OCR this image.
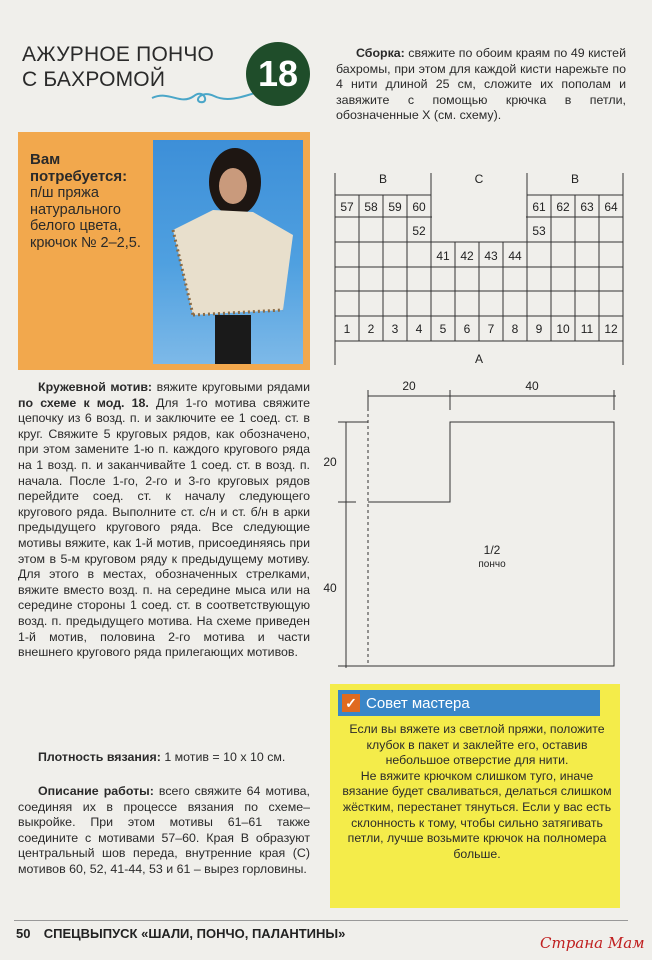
АЖУРНОЕ ПОНЧО
С БАХРОМОЙ	18
Вам потребуется:
п/ш пряжа натурального белого цвета, крючок № 2–2,5.
Кружевной мотив: вяжите круговыми рядами по схеме к мод. 18. Для 1-го мотива свяжите цепочку из 6 возд. п. и заключите ее 1 соед. ст. в круг. Свяжите 5 круговых рядов, как обозначено, при этом замените 1-ю п. каждого кругового ряда на 1 возд. п. и заканчивайте 1 соед. ст. в возд. п. начала. После 1-го, 2-го и 3-го круговых рядов перейдите соед. ст. к началу следующего кругового ряда. Выполните ст. с/н и ст. б/н в арки предыдущего кругового ряда. Все следующие мотивы вяжите, как 1-й мотив, присоединяясь при этом в 5-м круговом ряду к предыдущему мотиву. Для этого в местах, обозначенных стрелками, вяжите вместо возд. п. на середине мыса или на середине стороны 1 соед. ст. в соответствующую возд. п. предыдущего мотива. На схеме приведен 1-й мотив, половина 2-го мотива и части внешнего кругового ряда прилегающих мотивов.
Плотность вязания: 1 мотив = 10 x 10 см.
Описание работы: всего свяжите 64 мотива, соединяя их в процессе вязания по схеме–выкройке. При этом мотивы 61–61 также соедините с мотивами 57–60. Края В образуют центральный шов переда, внутренние края (С) мотивов 60, 52, 41-44, 53 и 61 – вырез горловины.
Сборка: свяжите по обоим краям по 49 кистей бахромы, при этом для каждой кисти нарежьте по 4 нити длиной 25 см, сложите их пополам и завяжите с помощью крючка в петли, обозначенные Х (см. схему).
В	С	В
А
57 58 59 60	61 62 63 64
52	53
41 42 43 44
1 2 3 4 5 6 7 8 9 10 11 12
20	40
20
40
1/2
пончо
✓ Совет мастера
Если вы вяжете из светлой пряжи, положите клубок в пакет и заклейте его, оставив небольшое отверстие для нити.
Не вяжите крючком слишком туго, иначе вязание будет сваливаться, делаться слишком жёстким, перестанет тянуться. Если у вас есть склонность к тому, чтобы сильно затягивать петли, лучше возьмите крючок на полномера больше.
50 СПЕЦВЫПУСК «ШАЛИ, ПОНЧО, ПАЛАНТИНЫ»
Страна Мам
